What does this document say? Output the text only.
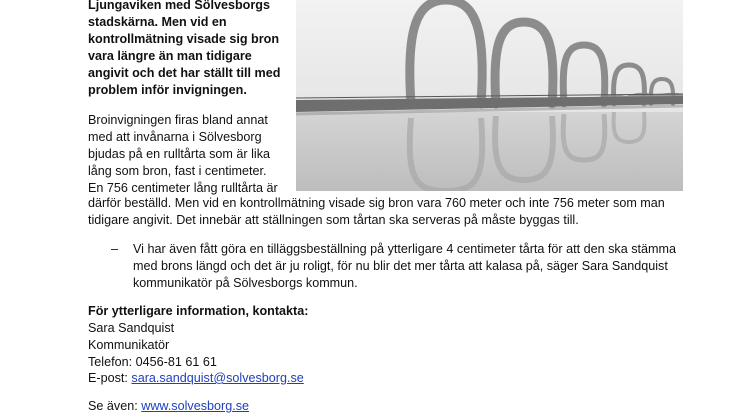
Ljungaviken med Sölvesborgs

stadskärna. Men vid en

kontrollmätning visade sig bron

vara längre än man tidigare

angivit och det har ställt till med

problem inför invigningen.

Broinvigningen firas bland annat

med att invånarna i Sölvesborg

bjudas på en rulltårta som är lika

lång som bron, fast i centimeter.

En 756 centimeter lång rulltårta är

därför beställd. Men vid en kontrollmätning visade sig bron vara 760 meter och inte 756 meter som man

tidigare angivit. Det innebär att ställningen som tårtan ska serveras på måste byggas till.

– Vi har även fått göra en tilläggsbeställning på ytterligare 4 centimeter tårta för att den ska stämma

med brons längd och det är ju roligt, för nu blir det mer tårta att kalasa på, säger Sara Sandquist

kommunikatör på Sölvesborgs kommun.

För ytterligare information, kontakta:

Sara Sandquist

Kommunikatör

Telefon: 0456-81 61 61

E-post: sara.sandquist@solvesborg.se

Se även: www.solvesborg.se
